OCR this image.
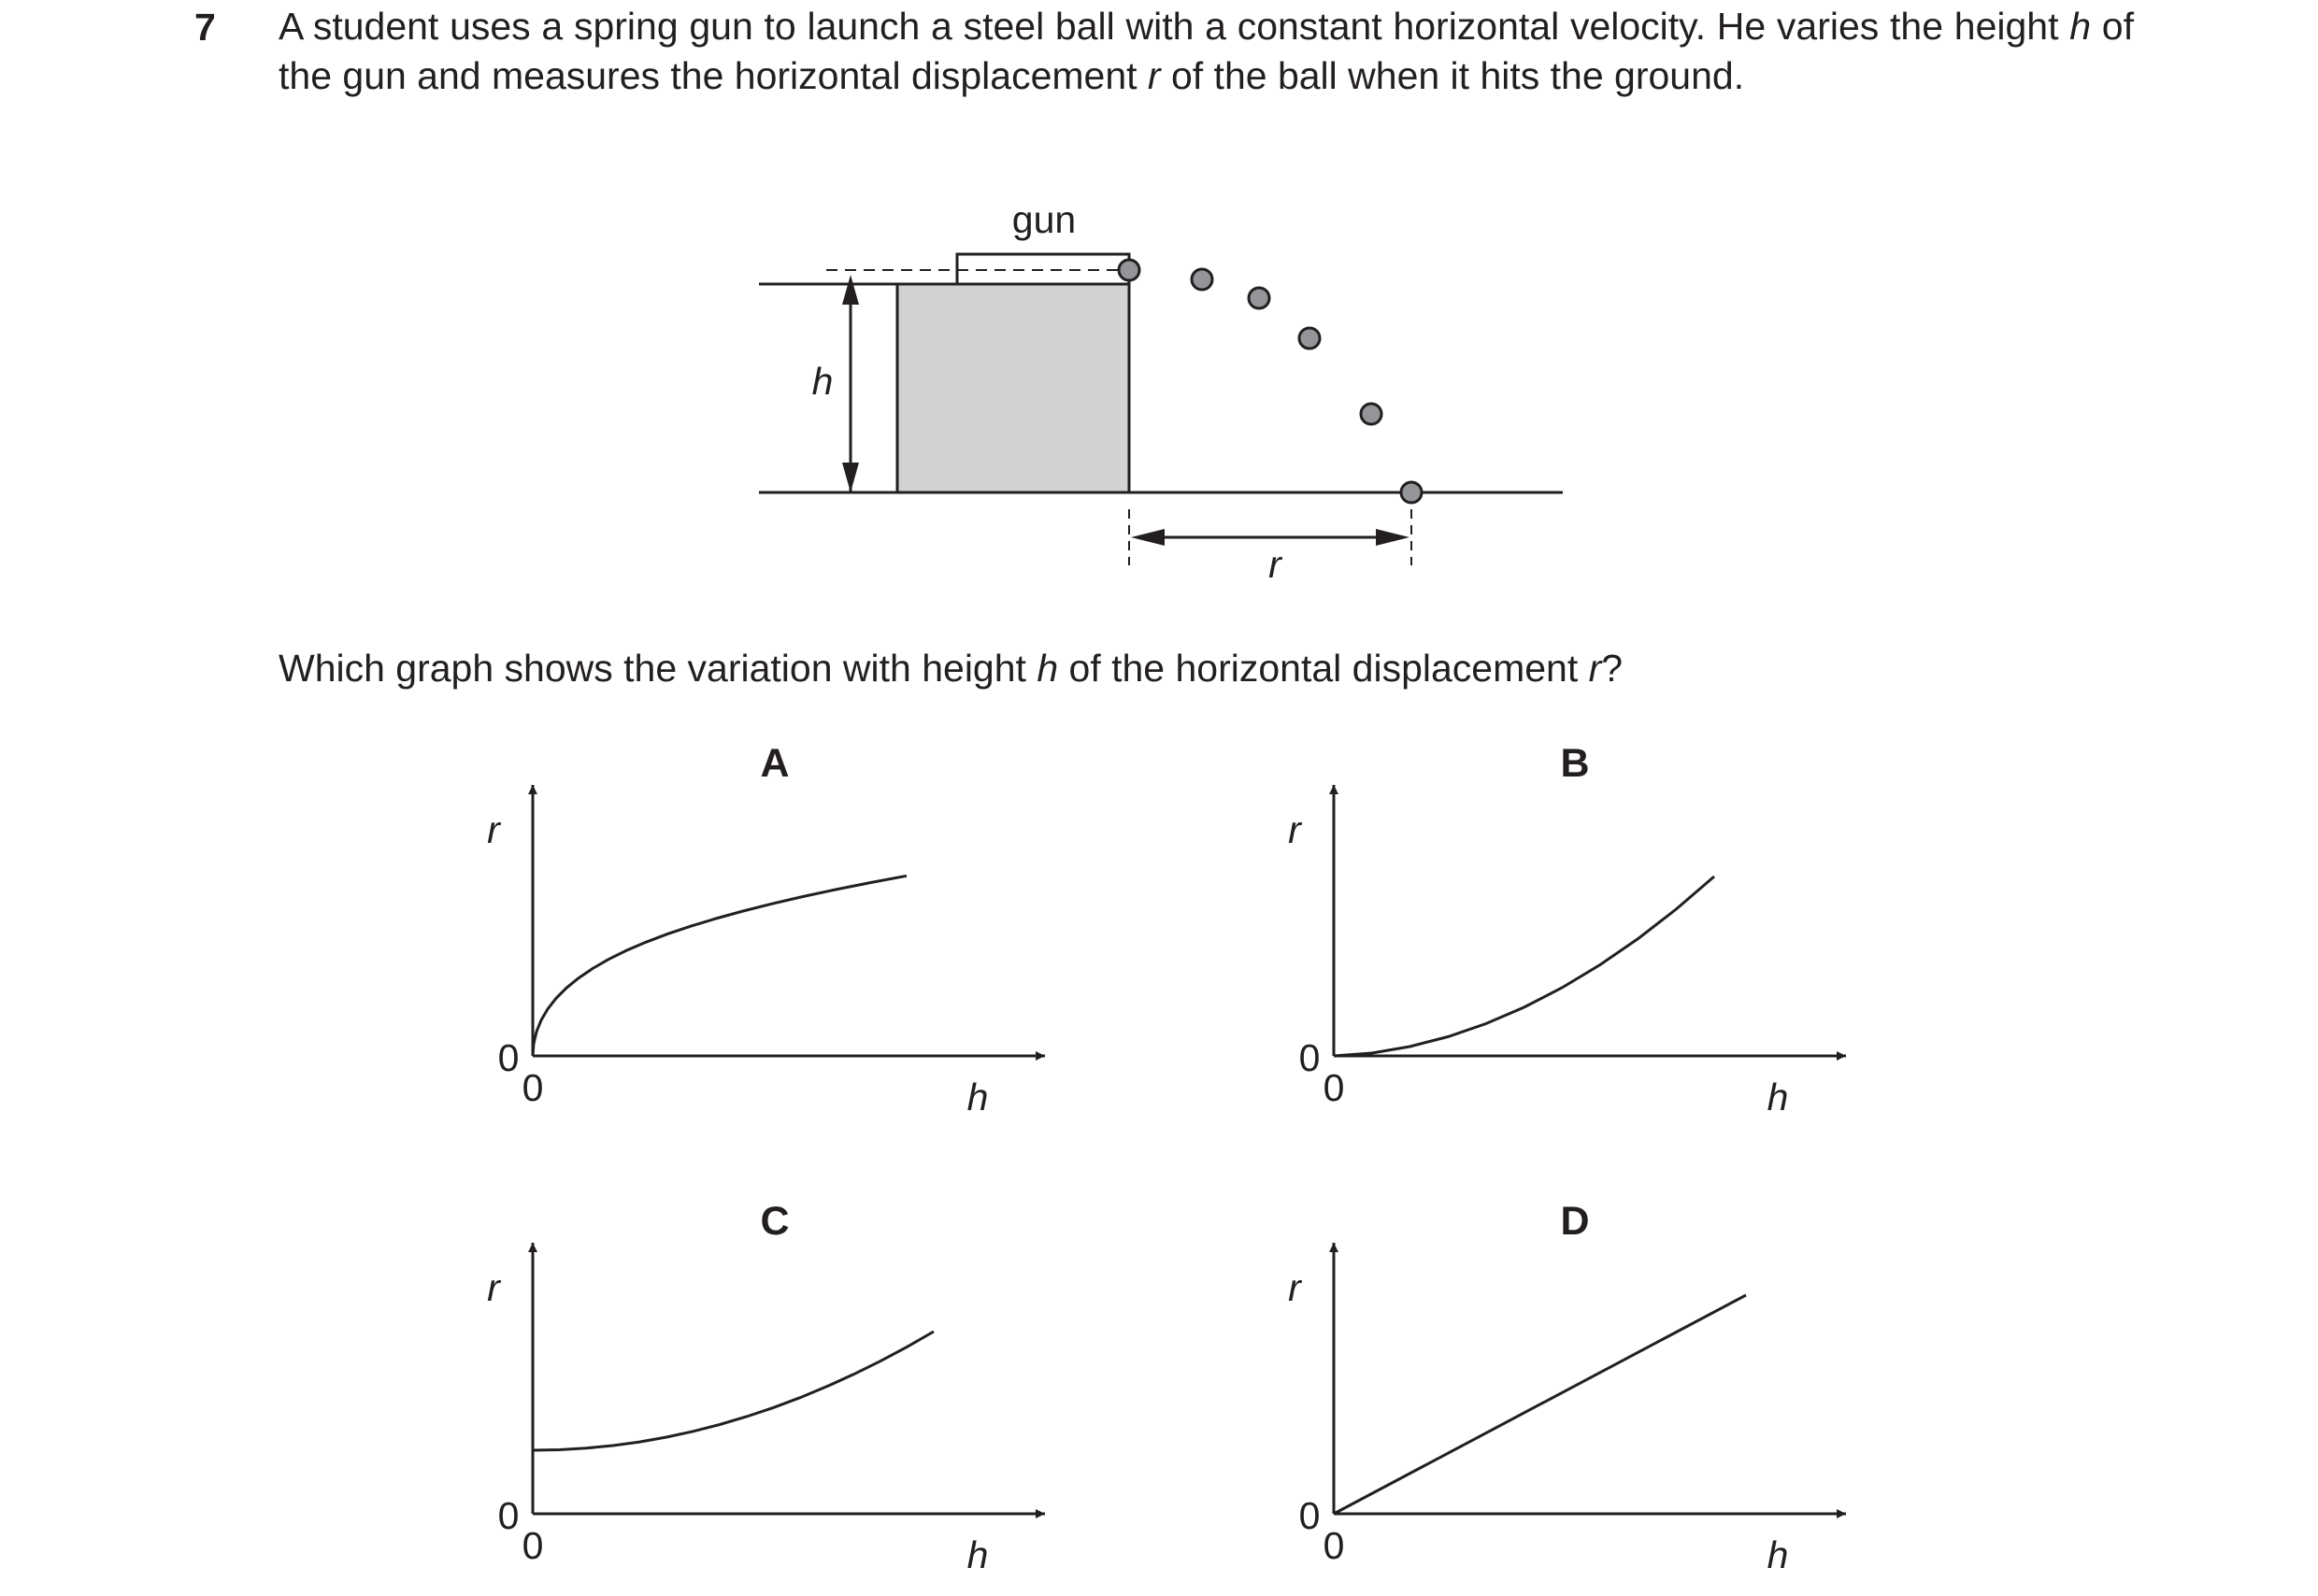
7 A student uses a spring gun to launch a steel ball with a constant horizontal velocity. He varies the height h of the gun and measures the horizontal displacement r of the ball when it hits the ground.
Which graph shows the variation with height h of the horizontal displacement r?
h
gun
r
A
r
h
0
0
B
r
h
0
0
C
r
h
0
0
D
r
h
0
0
